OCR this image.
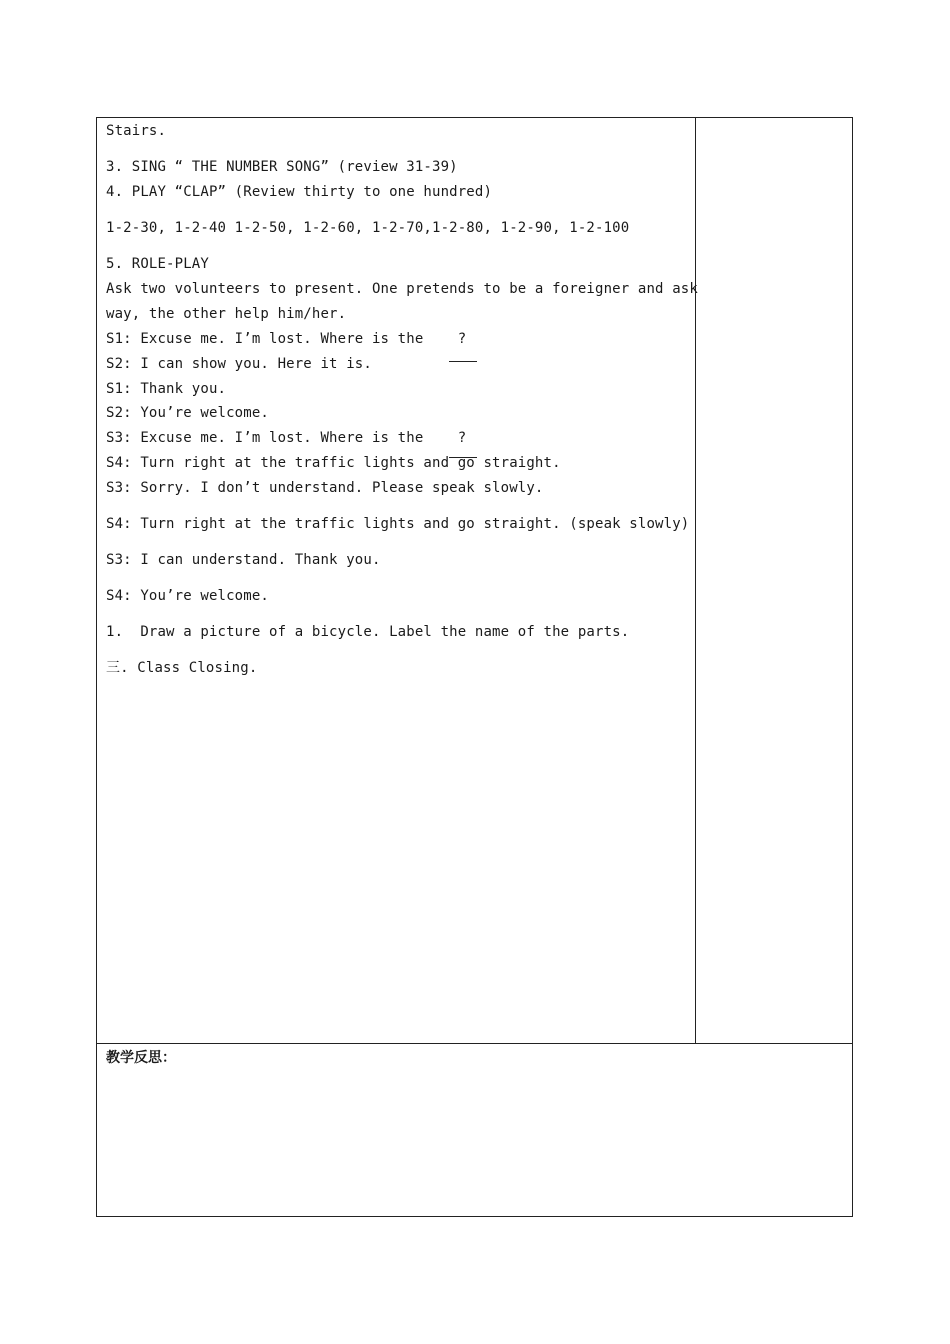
Stairs.
3. SING “ THE NUMBER SONG” (review 31-39)
4. PLAY “CLAP” (Review thirty to one hundred)
1-2-30, 1-2-40 1-2-50, 1-2-60, 1-2-70,1-2-80, 1-2-90, 1-2-100
5. ROLE-PLAY
Ask two volunteers to present. One pretends to be a foreigner and ask
way, the other help him/her.
S1: Excuse me. I’m lost. Where is the    ?
S2: I can show you. Here it is.
S1: Thank you.
S2: You’re welcome.
S3: Excuse me. I’m lost. Where is the    ?
S4: Turn right at the traffic lights and go straight.
S3: Sorry. I don’t understand. Please speak slowly.
S4: Turn right at the traffic lights and go straight. (speak slowly)
S3: I can understand. Thank you.
S4: You’re welcome.
1.  Draw a picture of a bicycle. Label the name of the parts.
三. Class Closing.
教学反思：
